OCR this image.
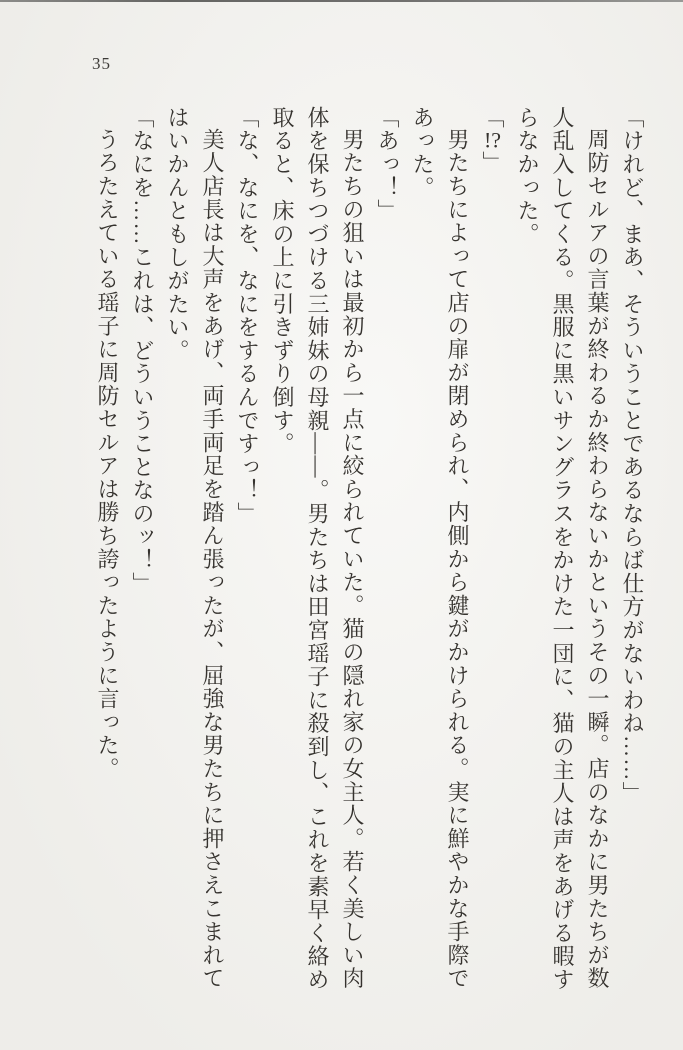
35

「けれど、まあ、そういうことであるならば仕方がないわね……」

周防セルアの言葉が終わるか終わらないかというその一瞬。店のなかに男たちが数人乱入してくる。黒服に黒いサングラスをかけた一団に、猫の主人は声をあげる暇すらなかった。

「!?」

男たちによって店の扉が閉められ、内側から鍵がかけられる。実に鮮やかな手際であった。

「あっ！」

男たちの狙いは最初から一点に絞られていた。猫の隠れ家の女主人。若く美しい肉体を保ちつづける三姉妹の母親――。男たちは田宮瑶子に殺到し、これを素早く絡め取ると、床の上に引きずり倒す。

「な、なにを、なにをするんですっ！」

美人店長は大声をあげ、両手両足を踏ん張ったが、屈強な男たちに押さえこまれてはいかんともしがたい。

「なにを……これは、どういうことなのッ！」

うろたえている瑶子に周防セルアは勝ち誇ったように言った。
